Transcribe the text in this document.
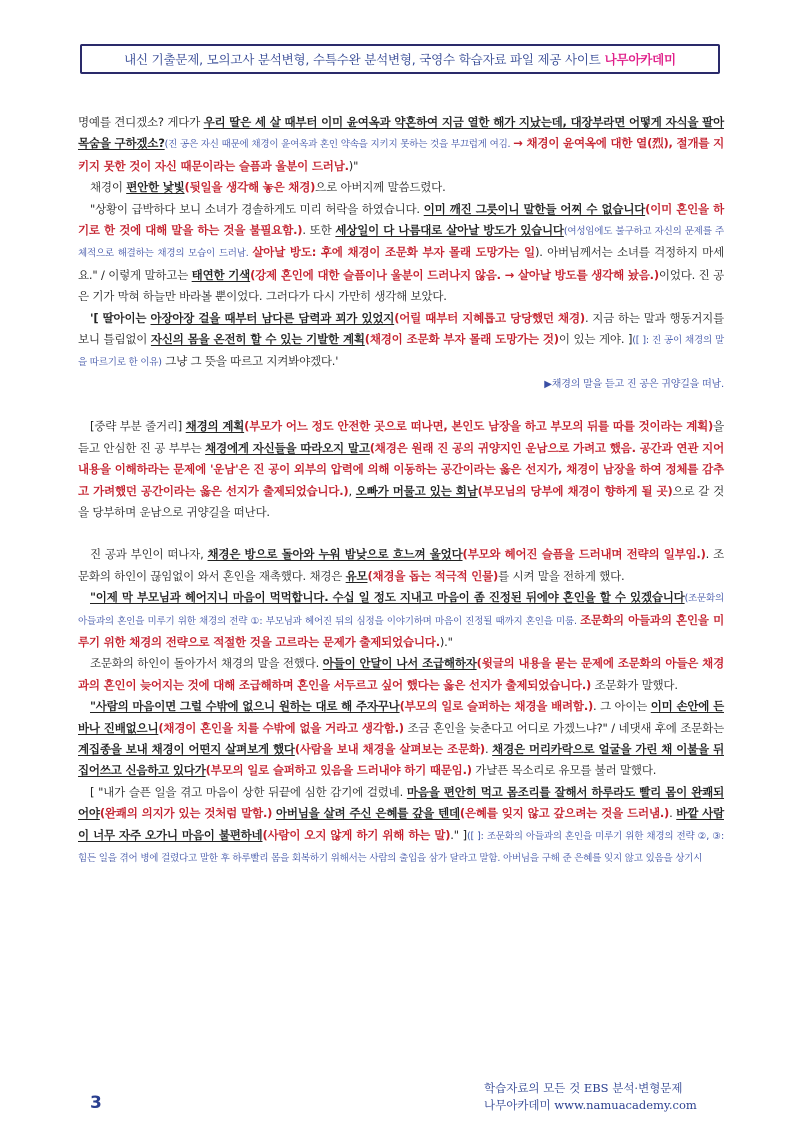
내신 기출문제, 모의고사 분석변형, 수특수완 분석변형, 국영수 학습자료 파일 제공 사이트 나무아카데미

명예를 견디겠소? 게다가 우리 딸은 세 살 때부터 이미 윤여옥과 약혼하여 지금 열한 해가 지났는데, 대장부라면 어떻게 자식을 팔아 목숨을 구하겠소?(진 공은 자신 때문에 채경이 윤여옥과 혼인 약속을 지키지 못하는 것을 부끄럽게 여김. → 채경이 윤여옥에 대한 열(烈), 절개를 지키지 못한 것이 자신 때문이라는 슬픔과 울분이 드러남.)"

채경이 편안한 낯빛(뒷일을 생각해 놓은 채경)으로 아버지께 말씀드렸다.

"상황이 급박하다 보니 소녀가 경솔하게도 미리 허락을 하였습니다. 이미 깨진 그릇이니 말한들 어찌 수 없습니다(이미 혼인을 하기로 한 것에 대해 말을 하는 것을 불필요함.). 또한 세상일이 다 나름대로 살아날 방도가 있습니다(여성임에도 불구하고 자신의 문제를 주체적으로 해결하는 채경의 모습이 드러남. 살아날 방도: 후에 채경이 조문화 부자 몰래 도망가는 일). 아버님께서는 소녀를 걱정하지 마세요." / 이렇게 말하고는 태연한 기색(강제 혼인에 대한 슬픔이나 울분이 드러나지 않음. → 살아날 방도를 생각해 놨음.)이었다. 진 공은 기가 막혀 하늘만 바라볼 뿐이었다. 그러다가 다시 가만히 생각해 보았다.

'[ 딸아이는 아장아장 걸을 때부터 남다른 담력과 꾀가 있었지(어릴 때부터 지혜롭고 당당했던 채경). 지금 하는 말과 행동거지를 보니 틀림없이 자신의 몸을 온전히 할 수 있는 기발한 계획(채경이 조문화 부자 몰래 도망가는 것)이 있는 게야. ]([ ]: 진 공이 채경의 말을 따르기로 한 이유) 그냥 그 뜻을 따르고 지켜봐야겠다.'

▶채경의 말을 듣고 진 공은 귀양길을 떠남.

[중략 부분 줄거리] 채경의 계획(부모가 어느 정도 안전한 곳으로 떠나면, 본인도 남장을 하고 부모의 뒤를 따를 것이라는 계획)을 듣고 안심한 진 공 부부는 채경에게 자신들을 따라오지 말고(채경은 원래 진 공의 귀양지인 운남으로 가려고 했음. 공간과 연관 지어 내용을 이해하라는 문제에 '운남'은 진 공이 외부의 압력에 의해 이동하는 공간이라는 옳은 선지가, 채경이 남장을 하여 정체를 감추고 가려했던 공간이라는 옳은 선지가 출제되었습니다.), 오빠가 머물고 있는 회남(부모님의 당부에 채경이 향하게 될 곳)으로 갈 것을 당부하며 운남으로 귀양길을 떠난다.

진 공과 부인이 떠나자, 채경은 방으로 돌아와 누워 밤낮으로 흐느껴 울었다(부모와 헤어진 슬픔을 드러내며 전략의 일부임.). 조문화의 하인이 끊임없이 와서 혼인을 재촉했다. 채경은 유모(채경을 돕는 적극적 인물)를 시켜 말을 전하게 했다.

"이제 막 부모님과 헤어지니 마음이 먹먹합니다. 수십 일 정도 지내고 마음이 좀 진정된 뒤에야 혼인을 할 수 있겠습니다(조문화의 아들과의 혼인을 미루기 위한 채경의 전략 ①: 부모님과 헤어진 뒤의 심정을 이야기하며 마음이 진정될 때까지 혼인을 미룸. 조문화의 아들과의 혼인을 미루기 위한 채경의 전략으로 적절한 것을 고르라는 문제가 출제되었습니다.)."

조문화의 하인이 돌아가서 채경의 말을 전했다. 아들이 안달이 나서 조급해하자(윗글의 내용을 묻는 문제에 조문화의 아들은 채경과의 혼인이 늦어지는 것에 대해 조급해하며 혼인을 서두르고 싶어 했다는 옳은 선지가 출제되었습니다.) 조문화가 말했다.

"사람의 마음이면 그럴 수밖에 없으니 원하는 대로 해 주자꾸나(부모의 일로 슬퍼하는 채경을 배려함.). 그 아이는 이미 손안에 든 바나 진배없으니(채경이 혼인을 치를 수밖에 없을 거라고 생각함.) 조금 혼인을 늦춘다고 어디로 가겠느냐?" / 네댓새 후에 조문화는 계집종을 보내 채경이 어떤지 살펴보게 했다(사람을 보내 채경을 살펴보는 조문화). 채경은 머리카락으로 얼굴을 가린 채 이불을 뒤집어쓰고 신음하고 있다가(부모의 일로 슬퍼하고 있음을 드러내야 하기 때문임.) 가냘픈 목소리로 유모를 불러 말했다.

[ "내가 슬픈 일을 겪고 마음이 상한 뒤끝에 심한 감기에 걸렸네. 마음을 편안히 먹고 몸조리를 잘해서 하루라도 빨리 몸이 완쾌되어야(완쾌의 의지가 있는 것처럼 말함.) 아버님을 살려 주신 은혜를 갚을 텐데(은혜를 잊지 않고 갚으려는 것을 드러냄.). 바깥 사람이 너무 자주 오가니 마음이 불편하네(사람이 오지 않게 하기 위해 하는 말)." ]([ ]: 조문화의 아들과의 혼인을 미루기 위한 채경의 전략 ②, ③: 힘든 일을 겪어 병에 걸렸다고 말한 후 하루빨리 몸을 회복하기 위해서는 사람의 출입을 삼가 달라고 말함. 아버님을 구해 준 은혜를 잊지 않고 있음을 상기시

3
학습자료의 모든 것 EBS 분석·변형문제
나무아카데미 www.namuacademy.com
